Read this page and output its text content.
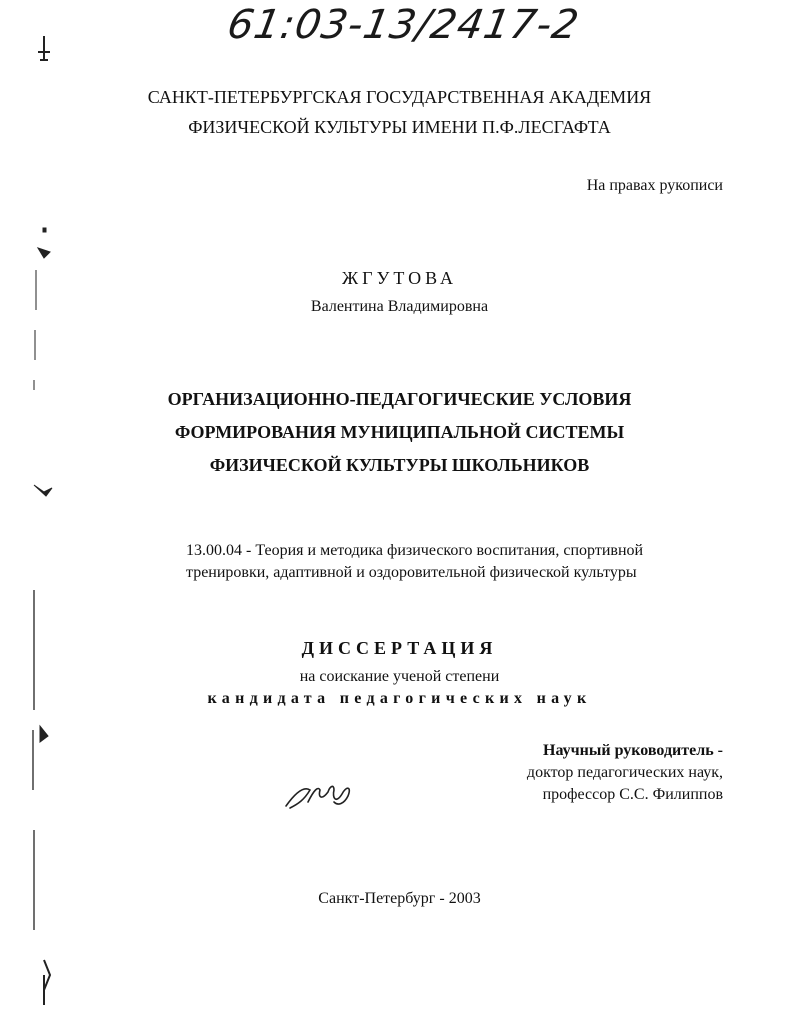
61:03-13/2417-2
САНКТ-ПЕТЕРБУРГСКАЯ ГОСУДАРСТВЕННАЯ АКАДЕМИЯ
ФИЗИЧЕСКОЙ КУЛЬТУРЫ ИМЕНИ П.Ф.ЛЕСГАФТА
На правах рукописи
ЖГУТОВА
Валентина Владимировна
ОРГАНИЗАЦИОННО-ПЕДАГОГИЧЕСКИЕ УСЛОВИЯ
ФОРМИРОВАНИЯ МУНИЦИПАЛЬНОЙ СИСТЕМЫ
ФИЗИЧЕСКОЙ КУЛЬТУРЫ ШКОЛЬНИКОВ
13.00.04 - Теория и методика физического воспитания, спортивной
тренировки, адаптивной и оздоровительной физической культуры
ДИССЕРТАЦИЯ
на соискание ученой степени
кандидата педагогических наук
Научный руководитель -
доктор педагогических наук,
профессор С.С. Филиппов
Санкт-Петербург - 2003
